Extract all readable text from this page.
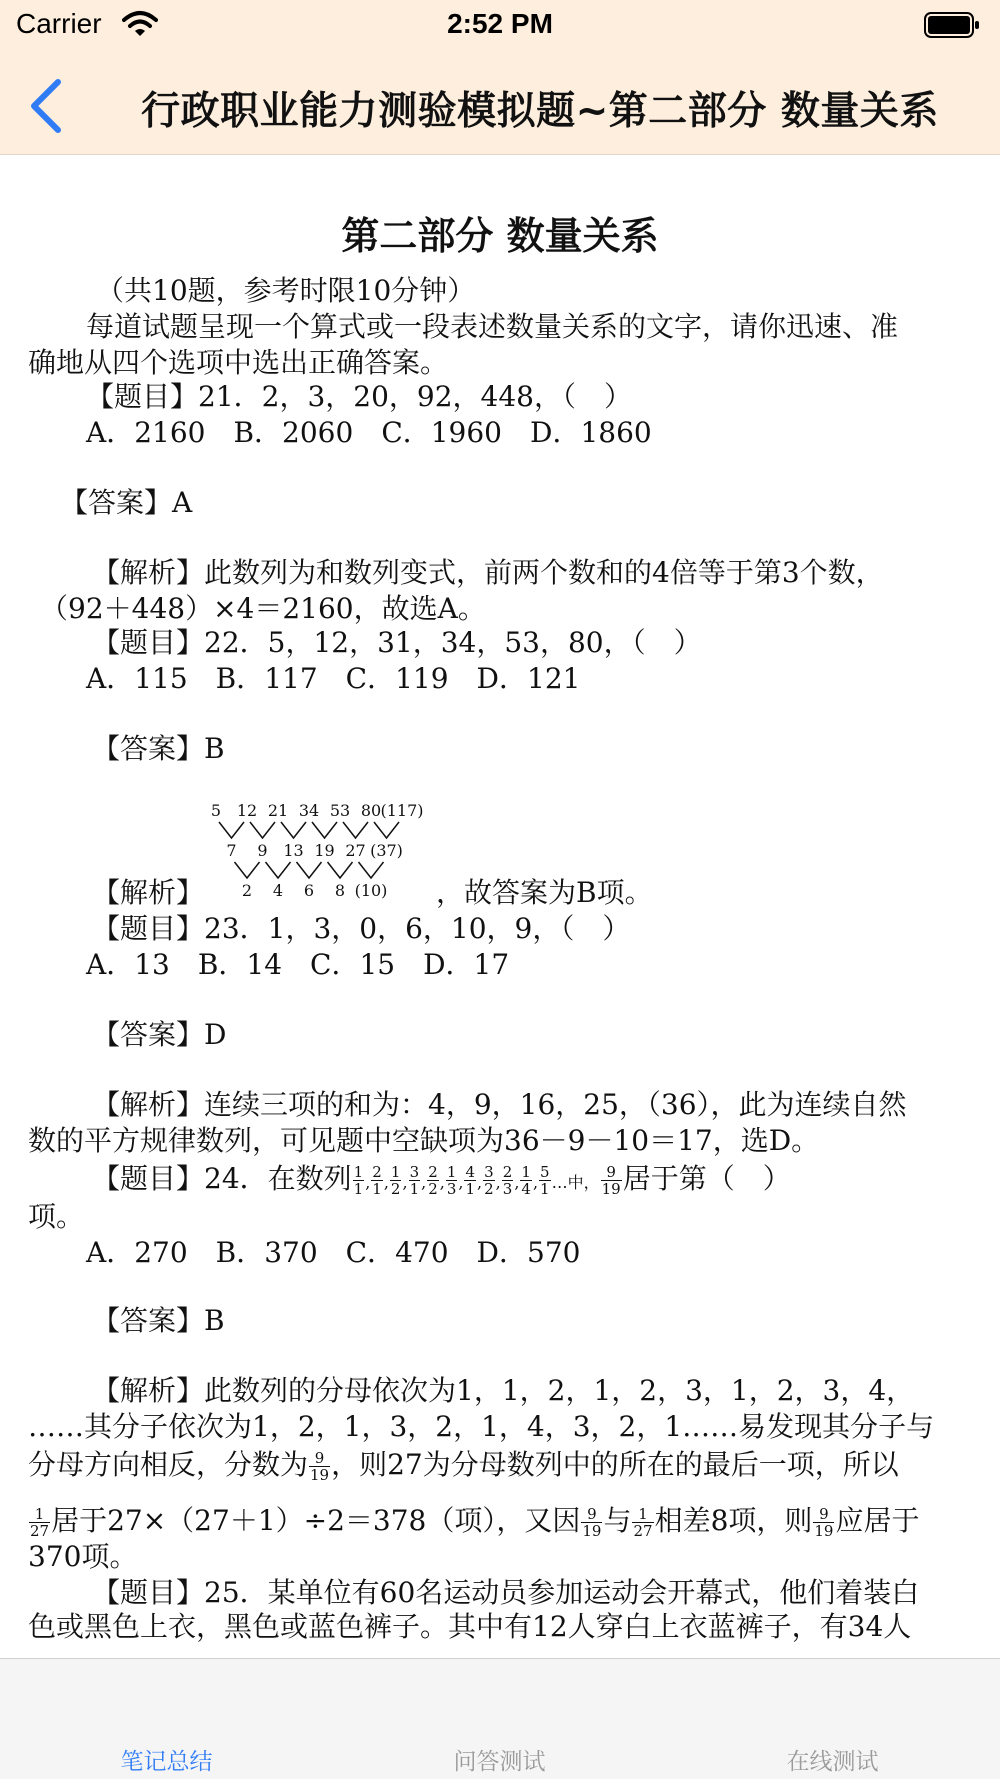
Carrier	2:52 PM
行政职业能力测验模拟题~第二部分 数量关系
第二部分 数量关系
（共10题，参考时限10分钟）
每道试题呈现一个算式或一段表述数量关系的文字，请你迅速、准
确地从四个选项中选出正确答案。
【题目】21．2，3，20，92，448，（　）
A．2160　B．2060　C．1960　D．1860
【答案】A
【解析】此数列为和数列变式，前两个数和的4倍等于第3个数，
（92＋448）×4＝2160，故选A。
【题目】22．5，12，31，34，53，80，（　）
A．115　B．117　C．119　D．121
【答案】B
5 12 21 34 53 80 (117)
7 9 13 19 27 (37)
2 4 6 8 (10)
【解析】	，故答案为B项。
【题目】23．1，3，0，6，10，9，（　）
A．13　B．14　C．15　D．17
【答案】D
【解析】连续三项的和为：4，9，16，25，（36），此为连续自然
数的平方规律数列，可见题中空缺项为36－9－10＝17，选D。
【题目】24．在数列 $\frac{1}{1}$ , $\frac{2}{1}$ , $\frac{1}{2}$ , $\frac{3}{1}$ , $\frac{2}{2}$ , $\frac{1}{3}$ , $\frac{4}{1}$ , $\frac{3}{2}$ , $\frac{2}{3}$ , $\frac{1}{4}$ , $\frac{5}{1}$ …中， $\frac{9}{19}$ 居于第（　）
项。
A．270　B．370　C．470　D．570
【答案】B
【解析】此数列的分母依次为1，1，2，1，2，3，1，2，3，4，
……其分子依次为1，2，1，3，2，1，4，3，2，1……易发现其分子与
分母方向相反，分数为 $\frac{9}{19}$ ，则27为分母数列中的所在的最后一项，所以
$\frac{1}{27}$ 居于27×（27＋1）÷2＝378（项），又因 $\frac{9}{19}$ 与 $\frac{1}{27}$ 相差8项，则 $\frac{9}{19}$ 应居于
370项。
【题目】25．某单位有60名运动员参加运动会开幕式，他们着装白
色或黑色上衣，黑色或蓝色裤子。其中有12人穿白上衣蓝裤子，有34人
笔记总结	问答测试	在线测试
